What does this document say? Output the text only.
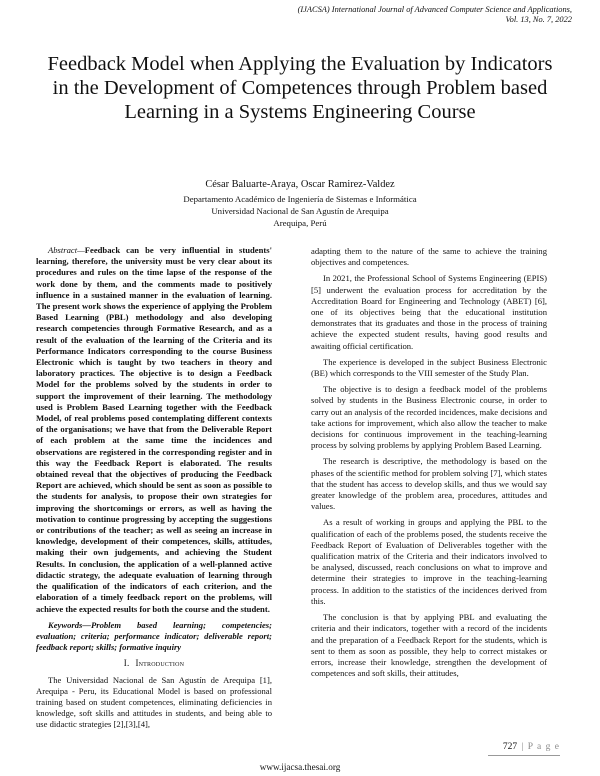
(IJACSA) International Journal of Advanced Computer Science and Applications,
Vol. 13, No. 7, 2022
Feedback Model when Applying the Evaluation by Indicators in the Development of Competences through Problem based Learning in a Systems Engineering Course
César Baluarte-Araya, Oscar Ramirez-Valdez
Departamento Académico de Ingeniería de Sistemas e Informática
Universidad Nacional de San Agustín de Arequipa
Arequipa, Perú

Abstract—Feedback can be very influential in students' learning, therefore, the university must be very clear about its procedures and rules on the time lapse of the response of the work done by them, and the comments made to positively influence in a sustained manner in the evaluation of learning. The present work shows the experience of applying the Problem Based Learning (PBL) methodology and also developing research competencies through Formative Research, and as a result of the evaluation of the learning of the Criteria and its Performance Indicators corresponding to the course Business Electronic which is taught by two teachers in theory and laboratory practices. The objective is to design a Feedback Model for the problems solved by the students in order to support the improvement of their learning. The methodology used is Problem Based Learning together with the Feedback Model, of real problems posed contemplating different contexts of the organisations; we have that from the Deliverable Report of each problem at the same time the incidences and observations are registered in the corresponding register and in this way the Feedback Report is elaborated. The results obtained reveal that the objectives of producing the Feedback Report are achieved, which should be sent as soon as possible to the students for analysis, to propose their own strategies for improving the shortcomings or errors, as well as having the motivation to continue progressing by accepting the suggestions or contributions of the teacher; as well as seeing an increase in knowledge, development of their competences, skills, attitudes, making their own judgements, and achieving the Student Results. In conclusion, the application of a well-planned active didactic strategy, the adequate evaluation of learning through the qualification of the indicators of each criterion, and the elaboration of a timely feedback report on the problems, will achieve the expected results for both the course and the student.

Keywords—Problem based learning; competencies; evaluation; criteria; performance indicator; deliverable report; feedback report; skills; formative inquiry

I. Introduction

The Universidad Nacional de San Agustín de Arequipa [1], Arequipa - Peru, its Educational Model is based on professional training based on student competences, eliminating deficiencies in knowledge, soft skills and attitudes in students, and being able to use didactic strategies [2],[3],[4],

adapting them to the nature of the same to achieve the training objectives and competences.

In 2021, the Professional School of Systems Engineering (EPIS) [5] underwent the evaluation process for accreditation by the Accreditation Board for Engineering and Technology (ABET) [6], one of its objectives being that the educational institution demonstrates that its graduates and those in the process of training achieve the expected student results, having good results and awaiting official certification.

The experience is developed in the subject Business Electronic (BE) which corresponds to the VIII semester of the Study Plan.

The objective is to design a feedback model of the problems solved by students in the Business Electronic course, in order to carry out an analysis of the recorded incidences, make decisions and take actions for improvement, which also allow the teacher to make decisions for continuous improvement in the teaching-learning process by solving problems by applying Problem Based Learning.

The research is descriptive, the methodology is based on the phases of the scientific method for problem solving [7], which states that the student has access to develop skills, and thus we would say greater knowledge of the problem area, procedures, attitudes and values.

As a result of working in groups and applying the PBL to the qualification of each of the problems posed, the students receive the Feedback Report of Evaluation of Deliverables together with the qualification matrix of the Criteria and their indicators involved to be analysed, discussed, reach conclusions on what to improve and determine their strategies to improve in the teaching-learning process. In addition to the statistics of the incidences derived from this.

The conclusion is that by applying PBL and evaluating the criteria and their indicators, together with a record of the incidents and the preparation of a Feedback Report for the students, which is sent to them as soon as possible, they help to correct mistakes or errors, increase their knowledge, strengthen the development of competences and soft skills, their attitudes,

727 | P a g e
www.ijacsa.thesai.org
